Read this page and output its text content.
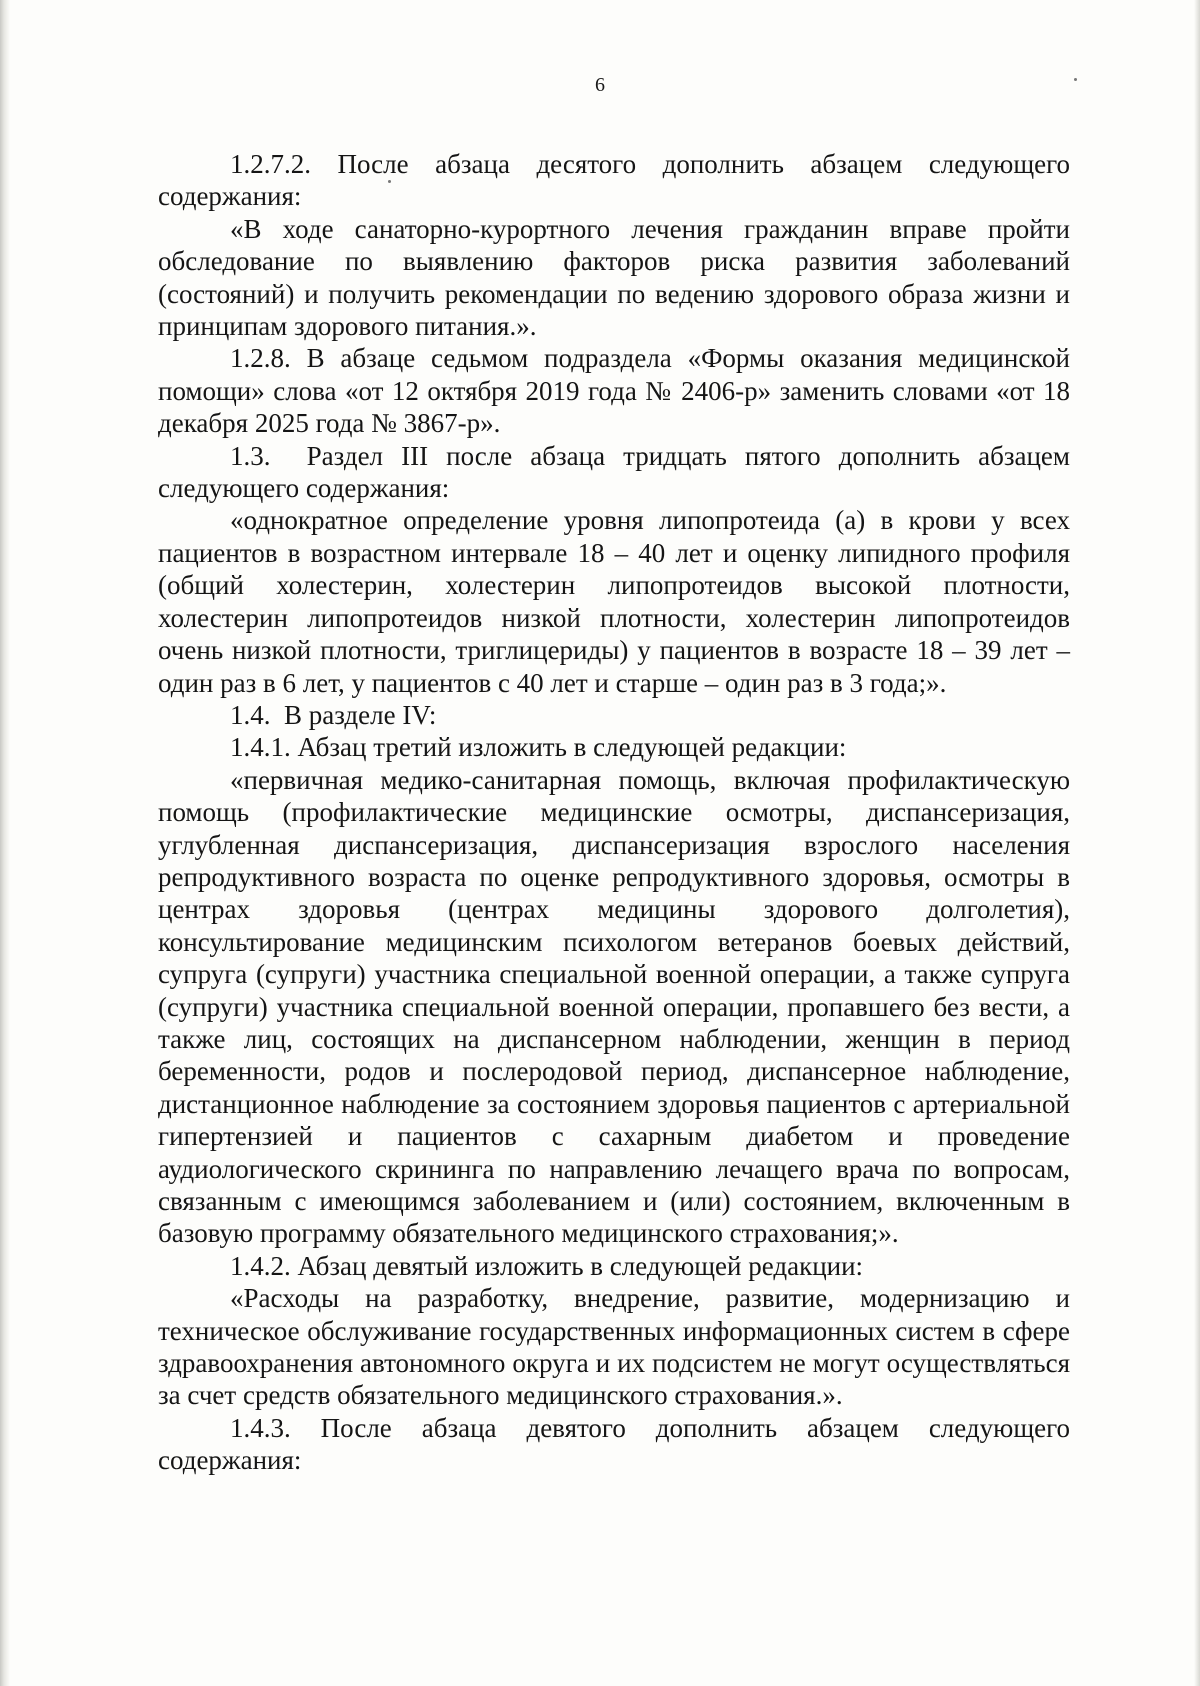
6

1.2.7.2. После абзаца десятого дополнить абзацем следующего содержания:

«В ходе санаторно-курортного лечения гражданин вправе пройти обследование по выявлению факторов риска развития заболеваний (состояний) и получить рекомендации по ведению здорового образа жизни и принципам здорового питания.».

1.2.8. В абзаце седьмом подраздела «Формы оказания медицинской помощи» слова «от 12 октября 2019 года № 2406-р» заменить словами «от 18 декабря 2025 года № 3867-р».

1.3.  Раздел III после абзаца тридцать пятого дополнить абзацем следующего содержания:

«однократное определение уровня липопротеида (а) в крови у всех пациентов в возрастном интервале 18 – 40 лет и оценку липидного профиля (общий холестерин, холестерин липопротеидов высокой плотности, холестерин липопротеидов низкой плотности, холестерин липопротеидов очень низкой плотности, триглицериды) у пациентов в возрасте 18 – 39 лет – один раз в 6 лет, у пациентов с 40 лет и старше – один раз в 3 года;».

1.4.  В разделе IV:

1.4.1. Абзац третий изложить в следующей редакции:

«первичная медико-санитарная помощь, включая профилактическую помощь (профилактические медицинские осмотры, диспансеризация, углубленная диспансеризация, диспансеризация взрослого населения репродуктивного возраста по оценке репродуктивного здоровья, осмотры в центрах здоровья (центрах медицины здорового долголетия), консультирование медицинским психологом ветеранов боевых действий, супруга (супруги) участника специальной военной операции, а также супруга (супруги) участника специальной военной операции, пропавшего без вести, а также лиц, состоящих на диспансерном наблюдении, женщин в период беременности, родов и послеродовой период, диспансерное наблюдение, дистанционное наблюдение за состоянием здоровья пациентов с артериальной гипертензией и пациентов с сахарным диабетом и проведение аудиологического скрининга по направлению лечащего врача по вопросам, связанным с имеющимся заболеванием и (или) состоянием, включенным в базовую программу обязательного медицинского страхования;».

1.4.2. Абзац девятый изложить в следующей редакции:

«Расходы на разработку, внедрение, развитие, модернизацию и техническое обслуживание государственных информационных систем в сфере здравоохранения автономного округа и их подсистем не могут осуществляться за счет средств обязательного медицинского страхования.».

1.4.3. После абзаца девятого дополнить абзацем следующего содержания:
